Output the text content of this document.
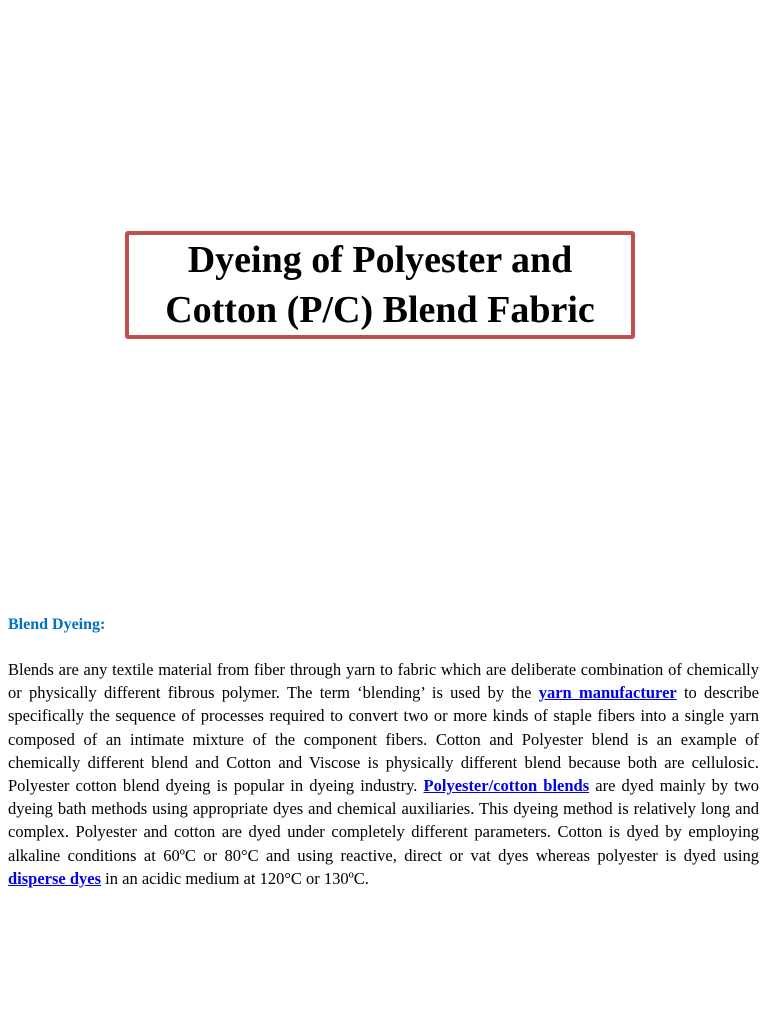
Dyeing of Polyester and
Cotton (P/C) Blend Fabric
Blend Dyeing:

Blends are any textile material from fiber through yarn to fabric which are deliberate combination of chemically or physically different fibrous polymer. The term ‘blending’ is used by the yarn manufacturer to describe specifically the sequence of processes required to convert two or more kinds of staple fibers into a single yarn composed of an intimate mixture of the component fibers. Cotton and Polyester blend is an example of chemically different blend and Cotton and Viscose is physically different blend because both are cellulosic. Polyester cotton blend dyeing is popular in dyeing industry. Polyester/cotton blends are dyed mainly by two dyeing bath methods using appropriate dyes and chemical auxiliaries. This dyeing method is relatively long and complex. Polyester and cotton are dyed under completely different parameters. Cotton is dyed by employing alkaline conditions at 60ºC or 80°C and using reactive, direct or vat dyes whereas polyester is dyed using disperse dyes in an acidic medium at 120°C or 130ºC.
